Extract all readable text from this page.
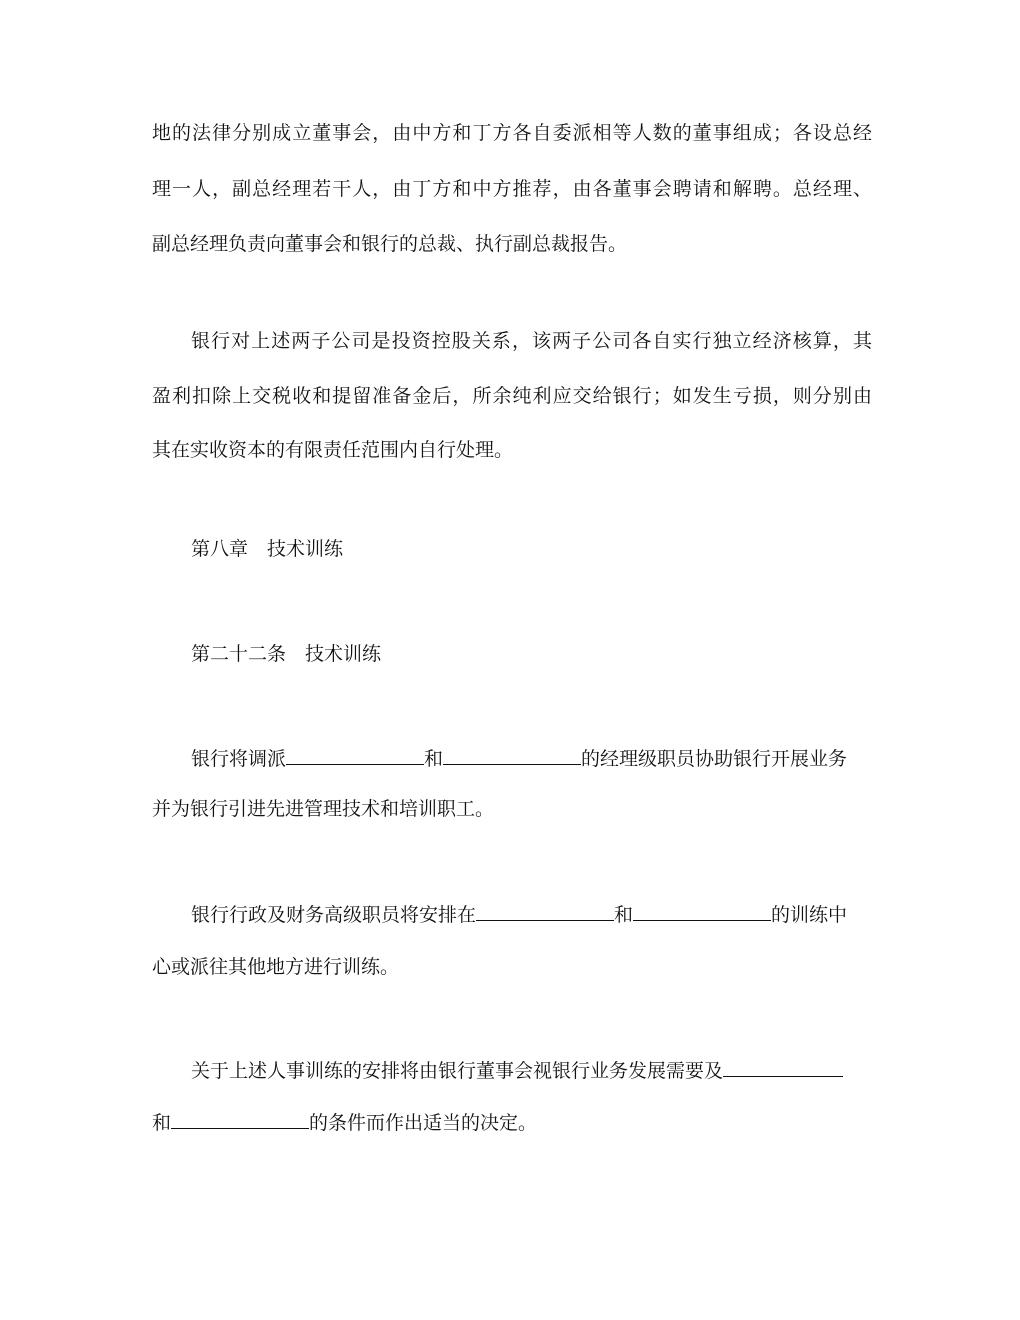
地的法律分别成立董事会，由中方和丁方各自委派相等人数的董事组成；各设总经
理一人，副总经理若干人，由丁方和中方推荐，由各董事会聘请和解聘。总经理、
副总经理负责向董事会和银行的总裁、执行副总裁报告。
银行对上述两子公司是投资控股关系，该两子公司各自实行独立经济核算，其
盈利扣除上交税收和提留准备金后，所余纯利应交给银行；如发生亏损，则分别由
其在实收资本的有限责任范围内自行处理。
第八章　技术训练
第二十二条　技术训练
银行将调派	和	的经理级职员协助银行开展业务
并为银行引进先进管理技术和培训职工。
银行行政及财务高级职员将安排在	和	的训练中
心或派往其他地方进行训练。
关于上述人事训练的安排将由银行董事会视银行业务发展需要及
和	的条件而作出适当的决定。
